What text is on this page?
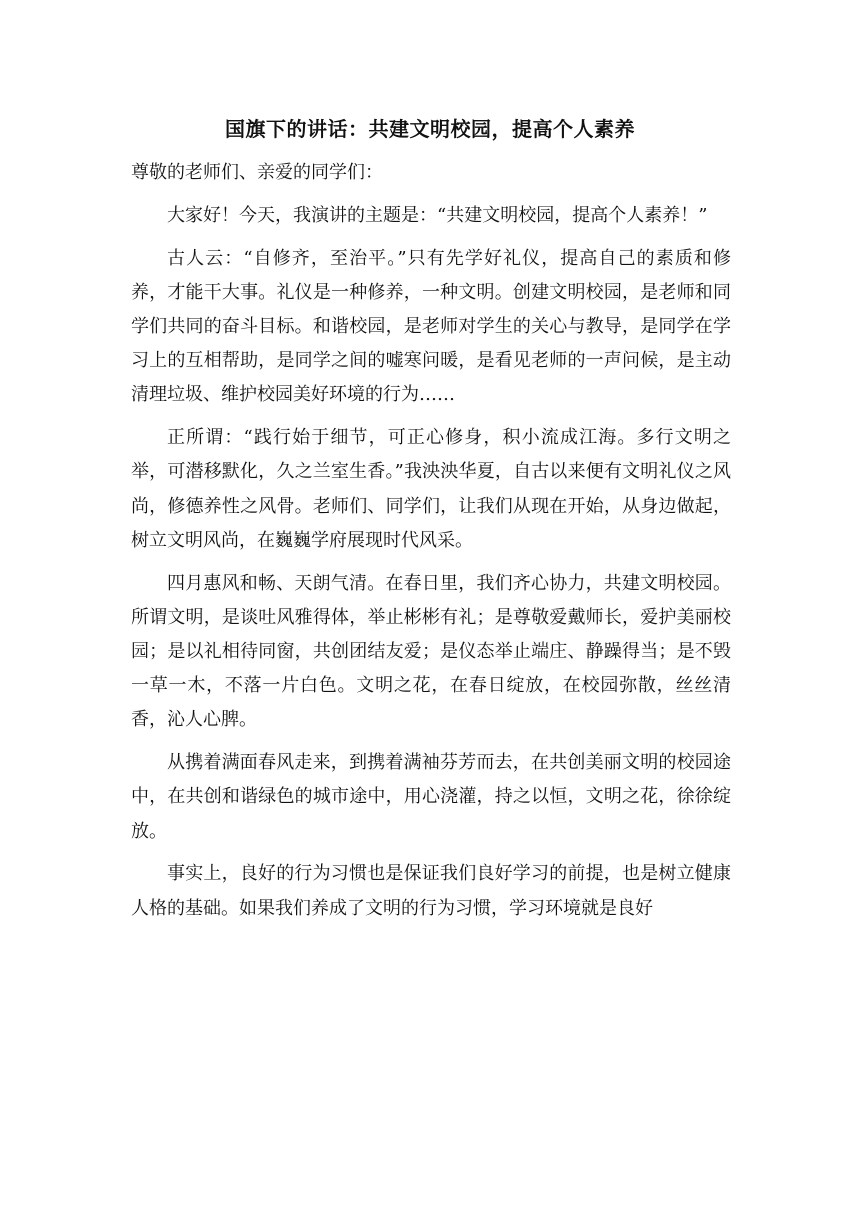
国旗下的讲话：共建文明校园，提高个人素养

尊敬的老师们、亲爱的同学们：

大家好！今天，我演讲的主题是：“共建文明校园，提高个人素养！”

古人云：“自修齐，至治平。”只有先学好礼仪，提高自己的素质和修养，才能干大事。礼仪是一种修养，一种文明。创建文明校园，是老师和同学们共同的奋斗目标。和谐校园，是老师对学生的关心与教导，是同学在学习上的互相帮助，是同学之间的嘘寒问暖，是看见老师的一声问候，是主动清理垃圾、维护校园美好环境的行为……

正所谓：“践行始于细节，可正心修身，积小流成江海。多行文明之举，可潜移默化，久之兰室生香。”我泱泱华夏，自古以来便有文明礼仪之风尚，修德养性之风骨。老师们、同学们，让我们从现在开始，从身边做起，树立文明风尚，在巍巍学府展现时代风采。

四月惠风和畅、天朗气清。在春日里，我们齐心协力，共建文明校园。所谓文明，是谈吐风雅得体，举止彬彬有礼；是尊敬爱戴师长，爱护美丽校园；是以礼相待同窗，共创团结友爱；是仪态举止端庄、静躁得当；是不毁一草一木，不落一片白色。文明之花，在春日绽放，在校园弥散，丝丝清香，沁人心脾。

从携着满面春风走来，到携着满袖芬芳而去，在共创美丽文明的校园途中，在共创和谐绿色的城市途中，用心浇灌，持之以恒，文明之花，徐徐绽放。

事实上，良好的行为习惯也是保证我们良好学习的前提，也是树立健康人格的基础。如果我们养成了文明的行为习惯，学习环境就是良好
